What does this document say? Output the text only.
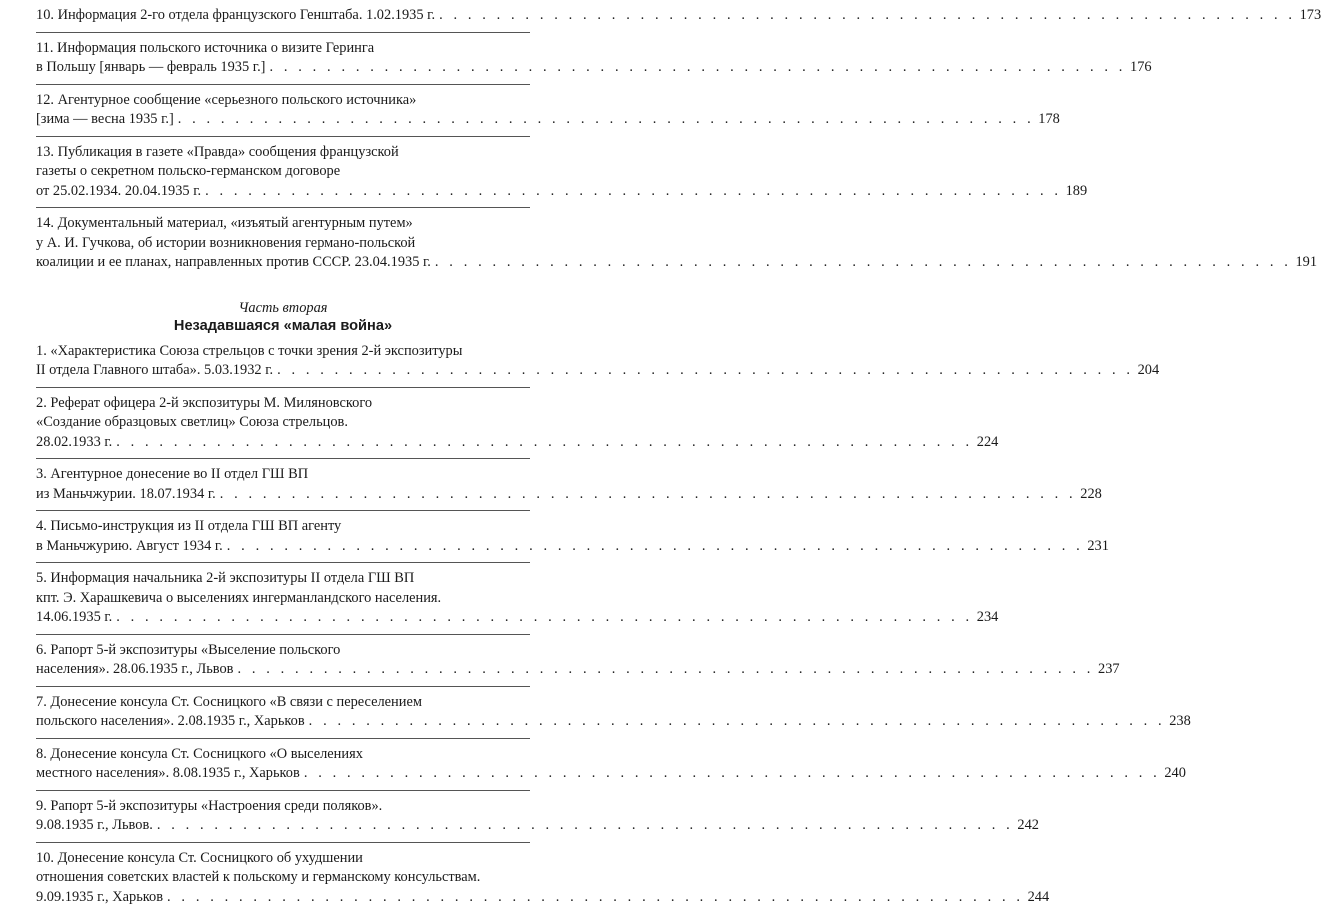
10. Информация 2-го отдела французского Генштаба. 1.02.1935 г. . . . . . . . . . . . . . . . . . . . . . . . . . . . . . . . . . . . . . . . . . . . . . . . . . . . . . . . . . . . . 173
11. Информация польского источника о визите Геринга
в Польшу [январь — февраль 1935 г.] . . . . . . . . . . . . . . . . . . . . . . . . . . . . . . . . . . . . . . . . . . . . . . . . . . . . . . . . . . . . 176
12. Агентурное сообщение «серьезного польского источника»
[зима — весна 1935 г.] . . . . . . . . . . . . . . . . . . . . . . . . . . . . . . . . . . . . . . . . . . . . . . . . . . . . . . . . . . . . 178
13. Публикация в газете «Правда» сообщения французской
газеты о секретном польско-германском договоре
от 25.02.1934. 20.04.1935 г. . . . . . . . . . . . . . . . . . . . . . . . . . . . . . . . . . . . . . . . . . . . . . . . . . . . . . . . . . . . . 189
14. Документальный материал, «изъятый агентурным путем»
у А. И. Гучкова, об истории возникновения германо-польской
коалиции и ее планах, направленных против СССР. 23.04.1935 г. . . . . . . . . . . . . . . . . . . . . . . . . . . . . . . . . . . . . . . . . . . . . . . . . . . . . . . . . . . . . 191
Часть вторая
Незадавшаяся «малая война»
1. «Характеристика Союза стрельцов с точки зрения 2-й экспозитуры
II отдела Главного штаба». 5.03.1932 г. . . . . . . . . . . . . . . . . . . . . . . . . . . . . . . . . . . . . . . . . . . . . . . . . . . . . . . . . . . . . 204
2. Реферат офицера 2-й экспозитуры М. Миляновского
«Создание образцовых светлиц» Союза стрельцов.
28.02.1933 г. . . . . . . . . . . . . . . . . . . . . . . . . . . . . . . . . . . . . . . . . . . . . . . . . . . . . . . . . . . . . 224
3. Агентурное донесение во II отдел ГШ ВП
из Маньчжурии. 18.07.1934 г. . . . . . . . . . . . . . . . . . . . . . . . . . . . . . . . . . . . . . . . . . . . . . . . . . . . . . . . . . . . . 228
4. Письмо-инструкция из II отдела ГШ ВП агенту
в Маньчжурию. Август 1934 г. . . . . . . . . . . . . . . . . . . . . . . . . . . . . . . . . . . . . . . . . . . . . . . . . . . . . . . . . . . . . 231
5. Информация начальника 2-й экспозитуры II отдела ГШ ВП
кпт. Э. Харашкевича о выселениях ингерманландского населения.
14.06.1935 г. . . . . . . . . . . . . . . . . . . . . . . . . . . . . . . . . . . . . . . . . . . . . . . . . . . . . . . . . . . . . 234
6. Рапорт 5-й экспозитуры «Выселение польского
населения». 28.06.1935 г., Львов . . . . . . . . . . . . . . . . . . . . . . . . . . . . . . . . . . . . . . . . . . . . . . . . . . . . . . . . . . . . 237
7. Донесение консула Ст. Сосницкого «В связи с переселением
польского населения». 2.08.1935 г., Харьков . . . . . . . . . . . . . . . . . . . . . . . . . . . . . . . . . . . . . . . . . . . . . . . . . . . . . . . . . . . . 238
8. Донесение консула Ст. Сосницкого «О выселениях
местного населения». 8.08.1935 г., Харьков . . . . . . . . . . . . . . . . . . . . . . . . . . . . . . . . . . . . . . . . . . . . . . . . . . . . . . . . . . . . 240
9. Рапорт 5-й экспозитуры «Настроения среди поляков».
9.08.1935 г., Львов. . . . . . . . . . . . . . . . . . . . . . . . . . . . . . . . . . . . . . . . . . . . . . . . . . . . . . . . . . . . . 242
10. Донесение консула Ст. Сосницкого об ухудшении
отношения советских властей к польскому и германскому консульствам.
9.09.1935 г., Харьков . . . . . . . . . . . . . . . . . . . . . . . . . . . . . . . . . . . . . . . . . . . . . . . . . . . . . . . . . . . . 244
